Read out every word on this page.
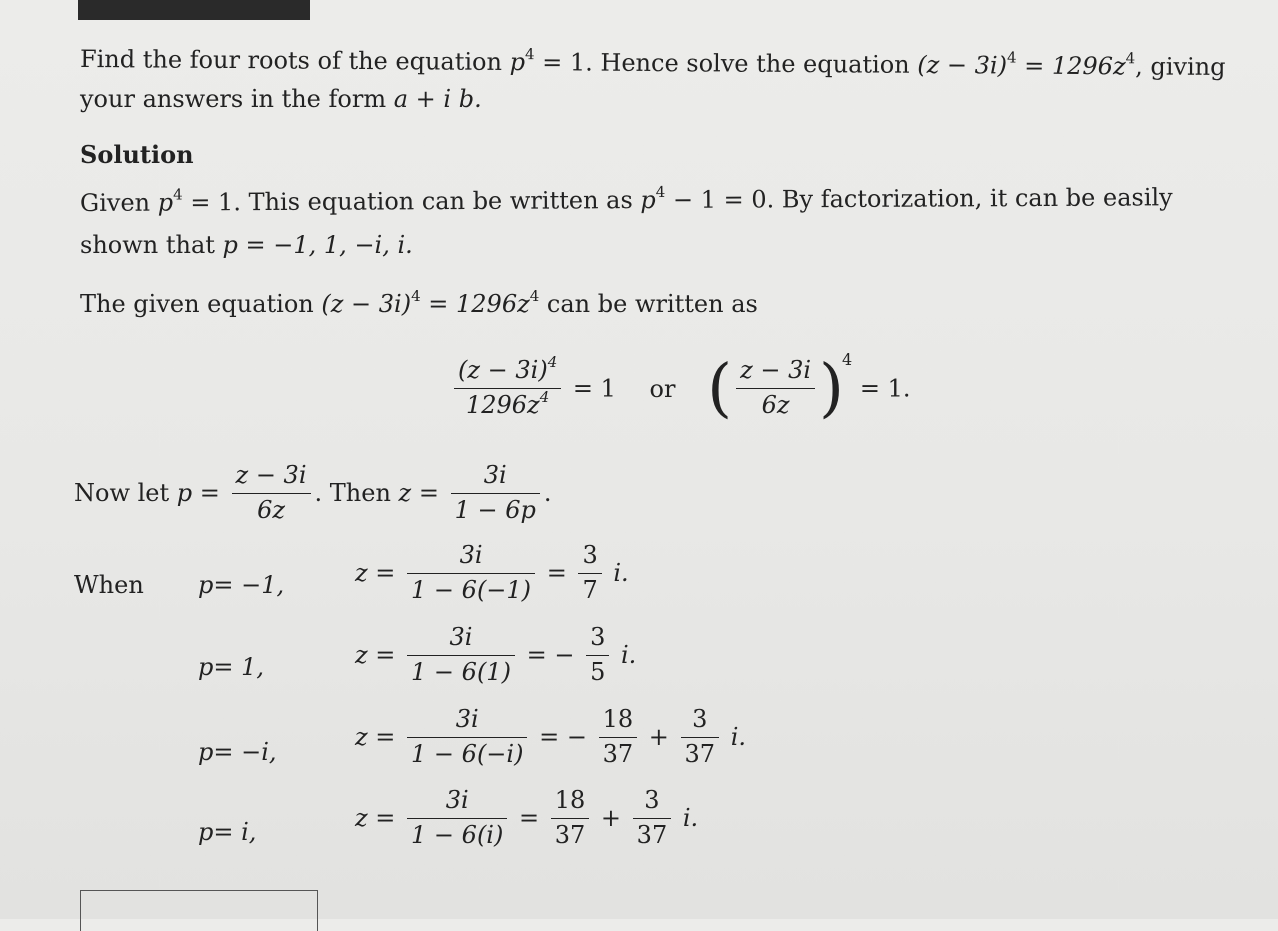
Find the four roots of the equation $p^4 = 1$. Hence solve the equation $(z - 3i)^4 = 1296z^4$, giving
your answers in the form a + i b.
Solution
Given $p^4 = 1$. This equation can be written as $p^4 - 1 = 0$. By factorization, it can be easily
shown that p = −1, 1, −i, i.
The given equation $(z - 3i)^4 = 1296z^4$ can be written as
$\frac{(z - 3i)^4}{1296z^4} = 1$ or ( $\frac{z - 3i}{6z} )^4 = 1$.
Now let $p = \frac{z - 3i}{6z}$ . Then $z = \frac{3i}{1 - 6p}$ .
When p= −1,	$z = \frac{3i}{1 - 6(-1)} = \frac{3}{7} i$.
p= 1,	$z = \frac{3i}{1 - 6(1)}$ = − $\frac{3}{5} i$.
p= −i,
$z = \frac{3i}{1 - 6(-i)}$ = − $\frac{18}{37} + \frac{3}{37} i$.
p= i,	$z = \frac{3i}{1 - 6(i)} = \frac{18}{37} + \frac{3}{37} i$.
